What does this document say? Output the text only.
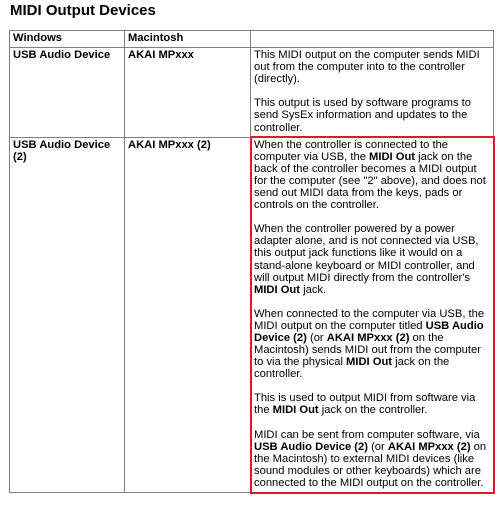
MIDI Output Devices
Windows	Macintosh	
USB Audio Device	AKAI MPxxx	This MIDI output on the computer sends MIDI out from the computer into to the controller (directly).

This output is used by software programs to send SysEx information and updates to the controller.

USB Audio Device (2)	AKAI MPxxx (2)	When the controller is connected to the computer via USB, the MIDI Out jack on the back of the controller becomes a MIDI output for the computer (see "2" above), and does not send out MIDI data from the keys, pads or controls on the controller.

When the controller powered by a power adapter alone, and is not connected via USB, this output jack functions like it would on a stand-alone keyboard or MIDI controller, and will output MIDI directly from the controller's MIDI Out jack.

When connected to the computer via USB, the MIDI output on the computer titled USB Audio Device (2) (or AKAI MPxxx (2) on the Macintosh) sends MIDI out from the computer to via the physical MIDI Out jack on the controller.

This is used to output MIDI from software via the MIDI Out jack on the controller.

MIDI can be sent from computer software, via USB Audio Device (2) (or AKAI MPxxx (2) on the Macintosh) to external MIDI devices (like sound modules or other keyboards) which are connected to the MIDI output on the controller.
